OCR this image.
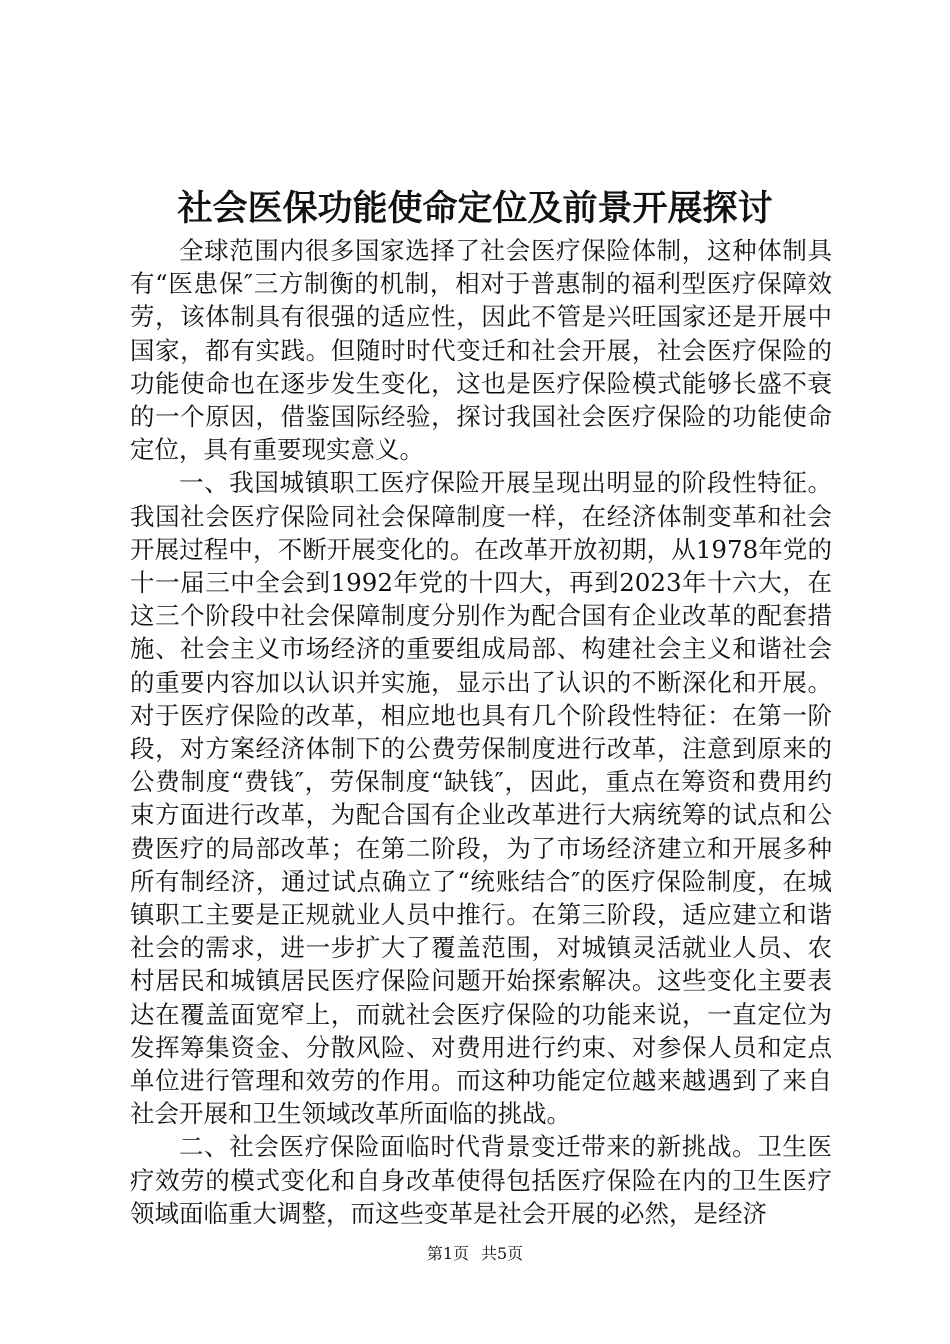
社会医保功能使命定位及前景开展探讨

全球范围内很多国家选择了社会医疗保险体制，这种体制具有“医患保″三方制衡的机制，相对于普惠制的福利型医疗保障效劳，该体制具有很强的适应性，因此不管是兴旺国家还是开展中国家，都有实践。但随时时代变迁和社会开展，社会医疗保险的功能使命也在逐步发生变化，这也是医疗保险模式能够长盛不衰的一个原因，借鉴国际经验，探讨我国社会医疗保险的功能使命定位，具有重要现实意义。

一、我国城镇职工医疗保险开展呈现出明显的阶段性特征。我国社会医疗保险同社会保障制度一样，在经济体制变革和社会开展过程中，不断开展变化的。在改革开放初期，从1978年党的十一届三中全会到1992年党的十四大，再到2023年十六大，在这三个阶段中社会保障制度分别作为配合国有企业改革的配套措施、社会主义市场经济的重要组成局部、构建社会主义和谐社会的重要内容加以认识并实施，显示出了认识的不断深化和开展。对于医疗保险的改革，相应地也具有几个阶段性特征：在第一阶段，对方案经济体制下的公费劳保制度进行改革，注意到原来的公费制度“费钱″，劳保制度“缺钱″，因此，重点在筹资和费用约束方面进行改革，为配合国有企业改革进行大病统筹的试点和公费医疗的局部改革；在第二阶段，为了市场经济建立和开展多种所有制经济，通过试点确立了“统账结合″的医疗保险制度，在城镇职工主要是正规就业人员中推行。在第三阶段，适应建立和谐社会的需求，进一步扩大了覆盖范围，对城镇灵活就业人员、农村居民和城镇居民医疗保险问题开始探索解决。这些变化主要表达在覆盖面宽窄上，而就社会医疗保险的功能来说，一直定位为发挥筹集资金、分散风险、对费用进行约束、对参保人员和定点单位进行管理和效劳的作用。而这种功能定位越来越遇到了来自社会开展和卫生领域改革所面临的挑战。

二、社会医疗保险面临时代背景变迁带来的新挑战。卫生医疗效劳的模式变化和自身改革使得包括医疗保险在内的卫生医疗领域面临重大调整，而这些变革是社会开展的必然，是经济

第1页 共5页
